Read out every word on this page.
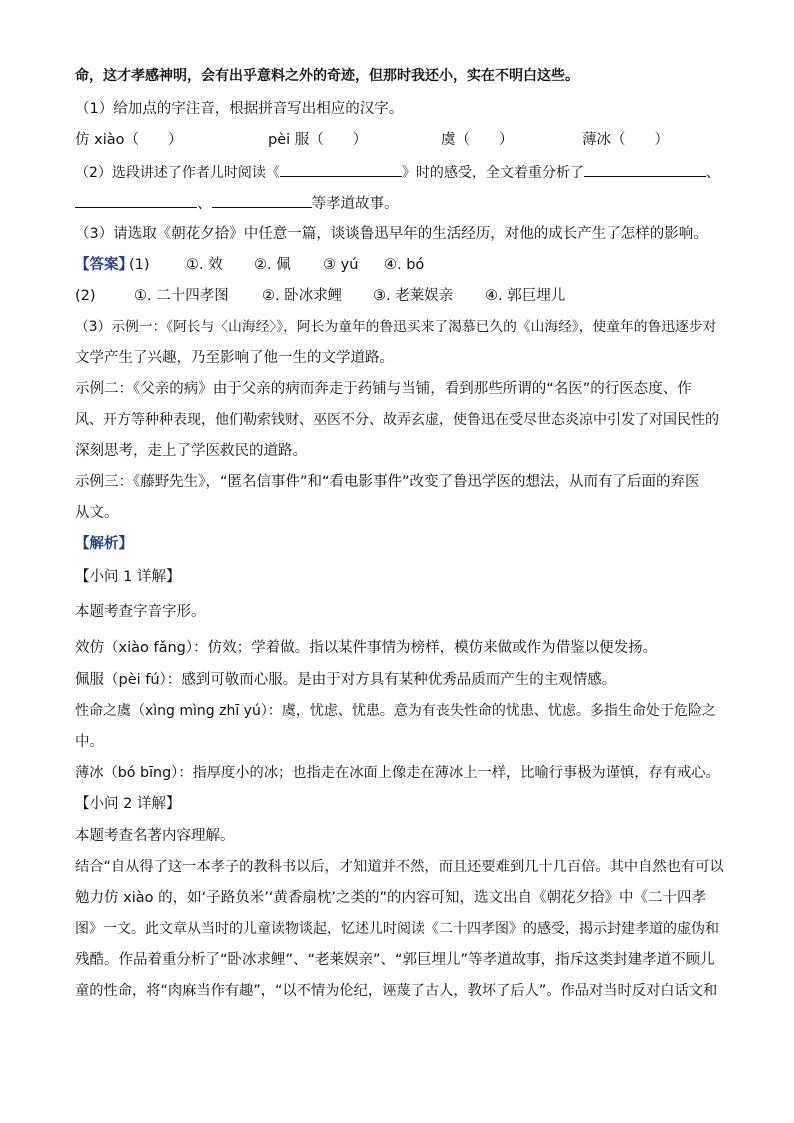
命，这才孝感神明，会有出乎意料之外的奇迹，但那时我还小，实在不明白这些。
（1）给加点的字注音，根据拼音写出相应的汉字。
仿 xiào（　　）	pèi 服（　　）	虞（　　）	薄冰（　　）
（2）选段讲述了作者儿时阅读《	》时的感受，全文着重分析了	、
、	等孝道故事。
（3）请选取《朝花夕拾》中任意一篇，谈谈鲁迅早年的生活经历，对他的成长产生了怎样的影响。
【答案】
(1)	①. 效 ②. 佩 ③ yú ④. bó
(2)	①. 二十四孝图 ②. 卧冰求鲤 ③. 老莱娱亲 ④. 郭巨埋儿
（3）示例一：《阿长与〈山海经〉》，阿长为童年的鲁迅买来了渴慕已久的《山海经》，使童年的鲁迅逐步对
文学产生了兴趣，乃至影响了他一生的文学道路。
示例二：《父亲的病》由于父亲的病而奔走于药铺与当铺，看到那些所谓的“名医”的行医态度、作
风、开方等种种表现，他们勒索钱财、巫医不分、故弄玄虚，使鲁迅在受尽世态炎凉中引发了对国民性的
深刻思考，走上了学医救民的道路。
示例三：《藤野先生》，“匿名信事件”和“看电影事件”改变了鲁迅学医的想法，从而有了后面的弃医
从文。
【解析】
【小问 1 详解】
本题考查字音字形。
效仿（xiào fǎng）：仿效；学着做。指以某件事情为榜样，模仿来做或作为借鉴以便发扬。
佩服（pèi fú）：感到可敬而心服。是由于对方具有某种优秀品质而产生的主观情感。
性命之虞（xìng mìng zhī yú）：虞，忧虑、忧患。意为有丧失性命的忧患、忧虑。多指生命处于危险之
中。
薄冰（bó bīng）：指厚度小的冰；也指走在冰面上像走在薄冰上一样，比喻行事极为谨慎，存有戒心。
【小问 2 详解】
本题考查名著内容理解。
结合“自从得了这一本孝子的教科书以后，才知道并不然，而且还要难到几十几百倍。其中自然也有可以
勉力仿 xiào 的，如‘子路负米’‘黄香扇枕’之类的”的内容可知，选文出自《朝花夕拾》中《二十四孝
图》一文。此文章从当时的儿童读物谈起，忆述儿时阅读《二十四孝图》的感受，揭示封建孝道的虚伪和
残酷。作品着重分析了“卧冰求鲤”、“老莱娱亲”、“郭巨埋儿”等孝道故事，指斥这类封建孝道不顾儿
童的性命，将“肉麻当作有趣”，“以不情为伦纪，诬蔑了古人，教坏了后人”。作品对当时反对白话文和
